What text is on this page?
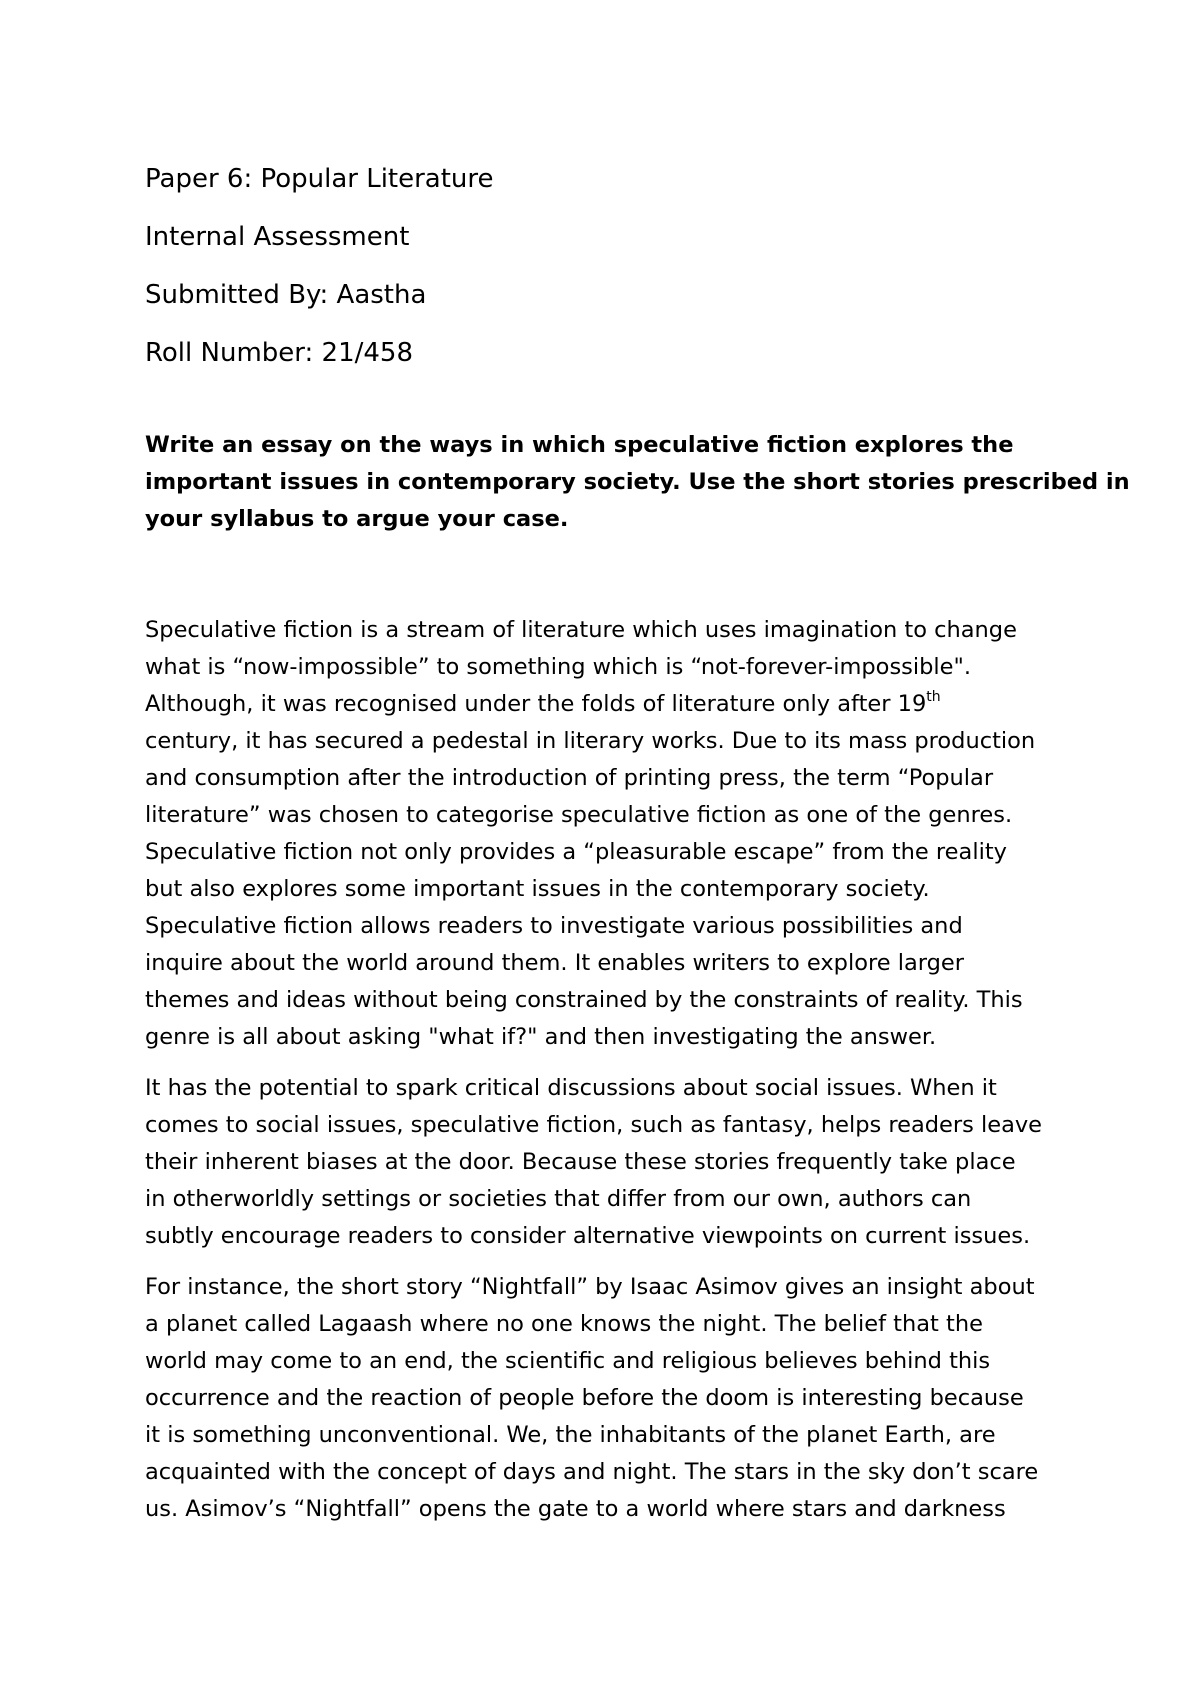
Paper 6: Popular Literature

Internal Assessment

Submitted By: Aastha

Roll Number: 21/458

Write an essay on the ways in which speculative fiction explores the
important issues in contemporary society. Use the short stories prescribed in
your syllabus to argue your case.

Speculative fiction is a stream of literature which uses imagination to change
what is “now-impossible” to something which is “not-forever-impossible".
Although, it was recognised under the folds of literature only after 19th
century, it has secured a pedestal in literary works. Due to its mass production
and consumption after the introduction of printing press, the term “Popular
literature” was chosen to categorise speculative fiction as one of the genres.
Speculative fiction not only provides a “pleasurable escape” from the reality
but also explores some important issues in the contemporary society.
Speculative fiction allows readers to investigate various possibilities and
inquire about the world around them. It enables writers to explore larger
themes and ideas without being constrained by the constraints of reality. This
genre is all about asking "what if?" and then investigating the answer.

It has the potential to spark critical discussions about social issues. When it
comes to social issues, speculative fiction, such as fantasy, helps readers leave
their inherent biases at the door. Because these stories frequently take place
in otherworldly settings or societies that differ from our own, authors can
subtly encourage readers to consider alternative viewpoints on current issues.

For instance, the short story “Nightfall” by Isaac Asimov gives an insight about
a planet called Lagaash where no one knows the night. The belief that the
world may come to an end, the scientific and religious believes behind this
occurrence and the reaction of people before the doom is interesting because
it is something unconventional. We, the inhabitants of the planet Earth, are
acquainted with the concept of days and night. The stars in the sky don’t scare
us. Asimov’s “Nightfall” opens the gate to a world where stars and darkness
